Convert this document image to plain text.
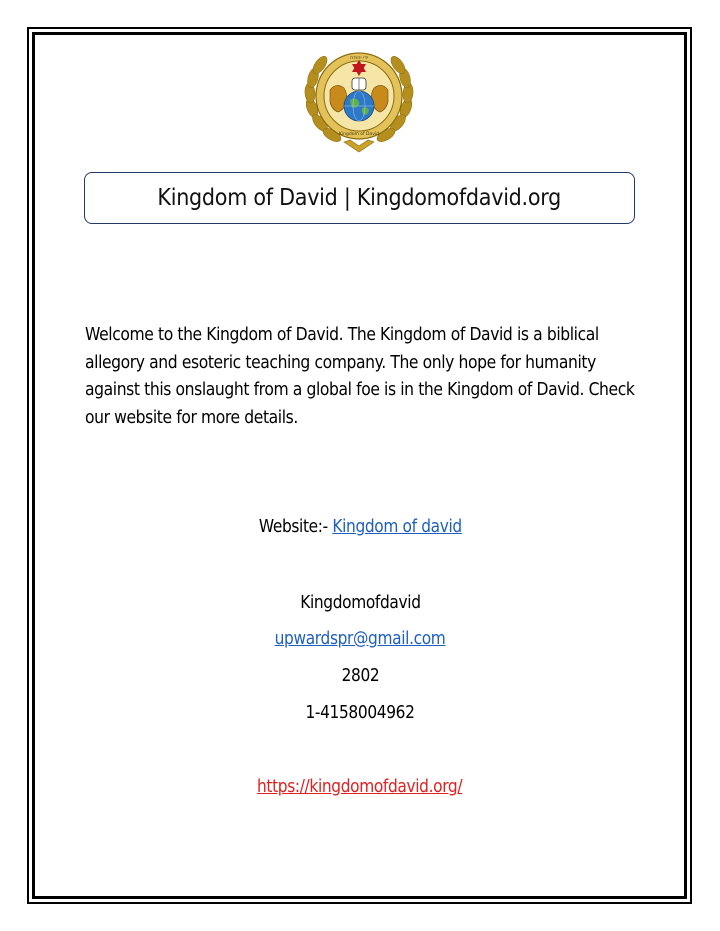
ידי יהודה
Kingdom of David
Kingdom of David | Kingdomofdavid.org
Welcome to the Kingdom of David. The Kingdom of David is a biblical allegory and esoteric teaching company. The only hope for humanity against this onslaught from a global foe is in the Kingdom of David. Check our website for more details.
Website:- Kingdom of david
Kingdomofdavid
upwardspr@gmail.com
2802
1-4158004962
https://kingdomofdavid.org/
